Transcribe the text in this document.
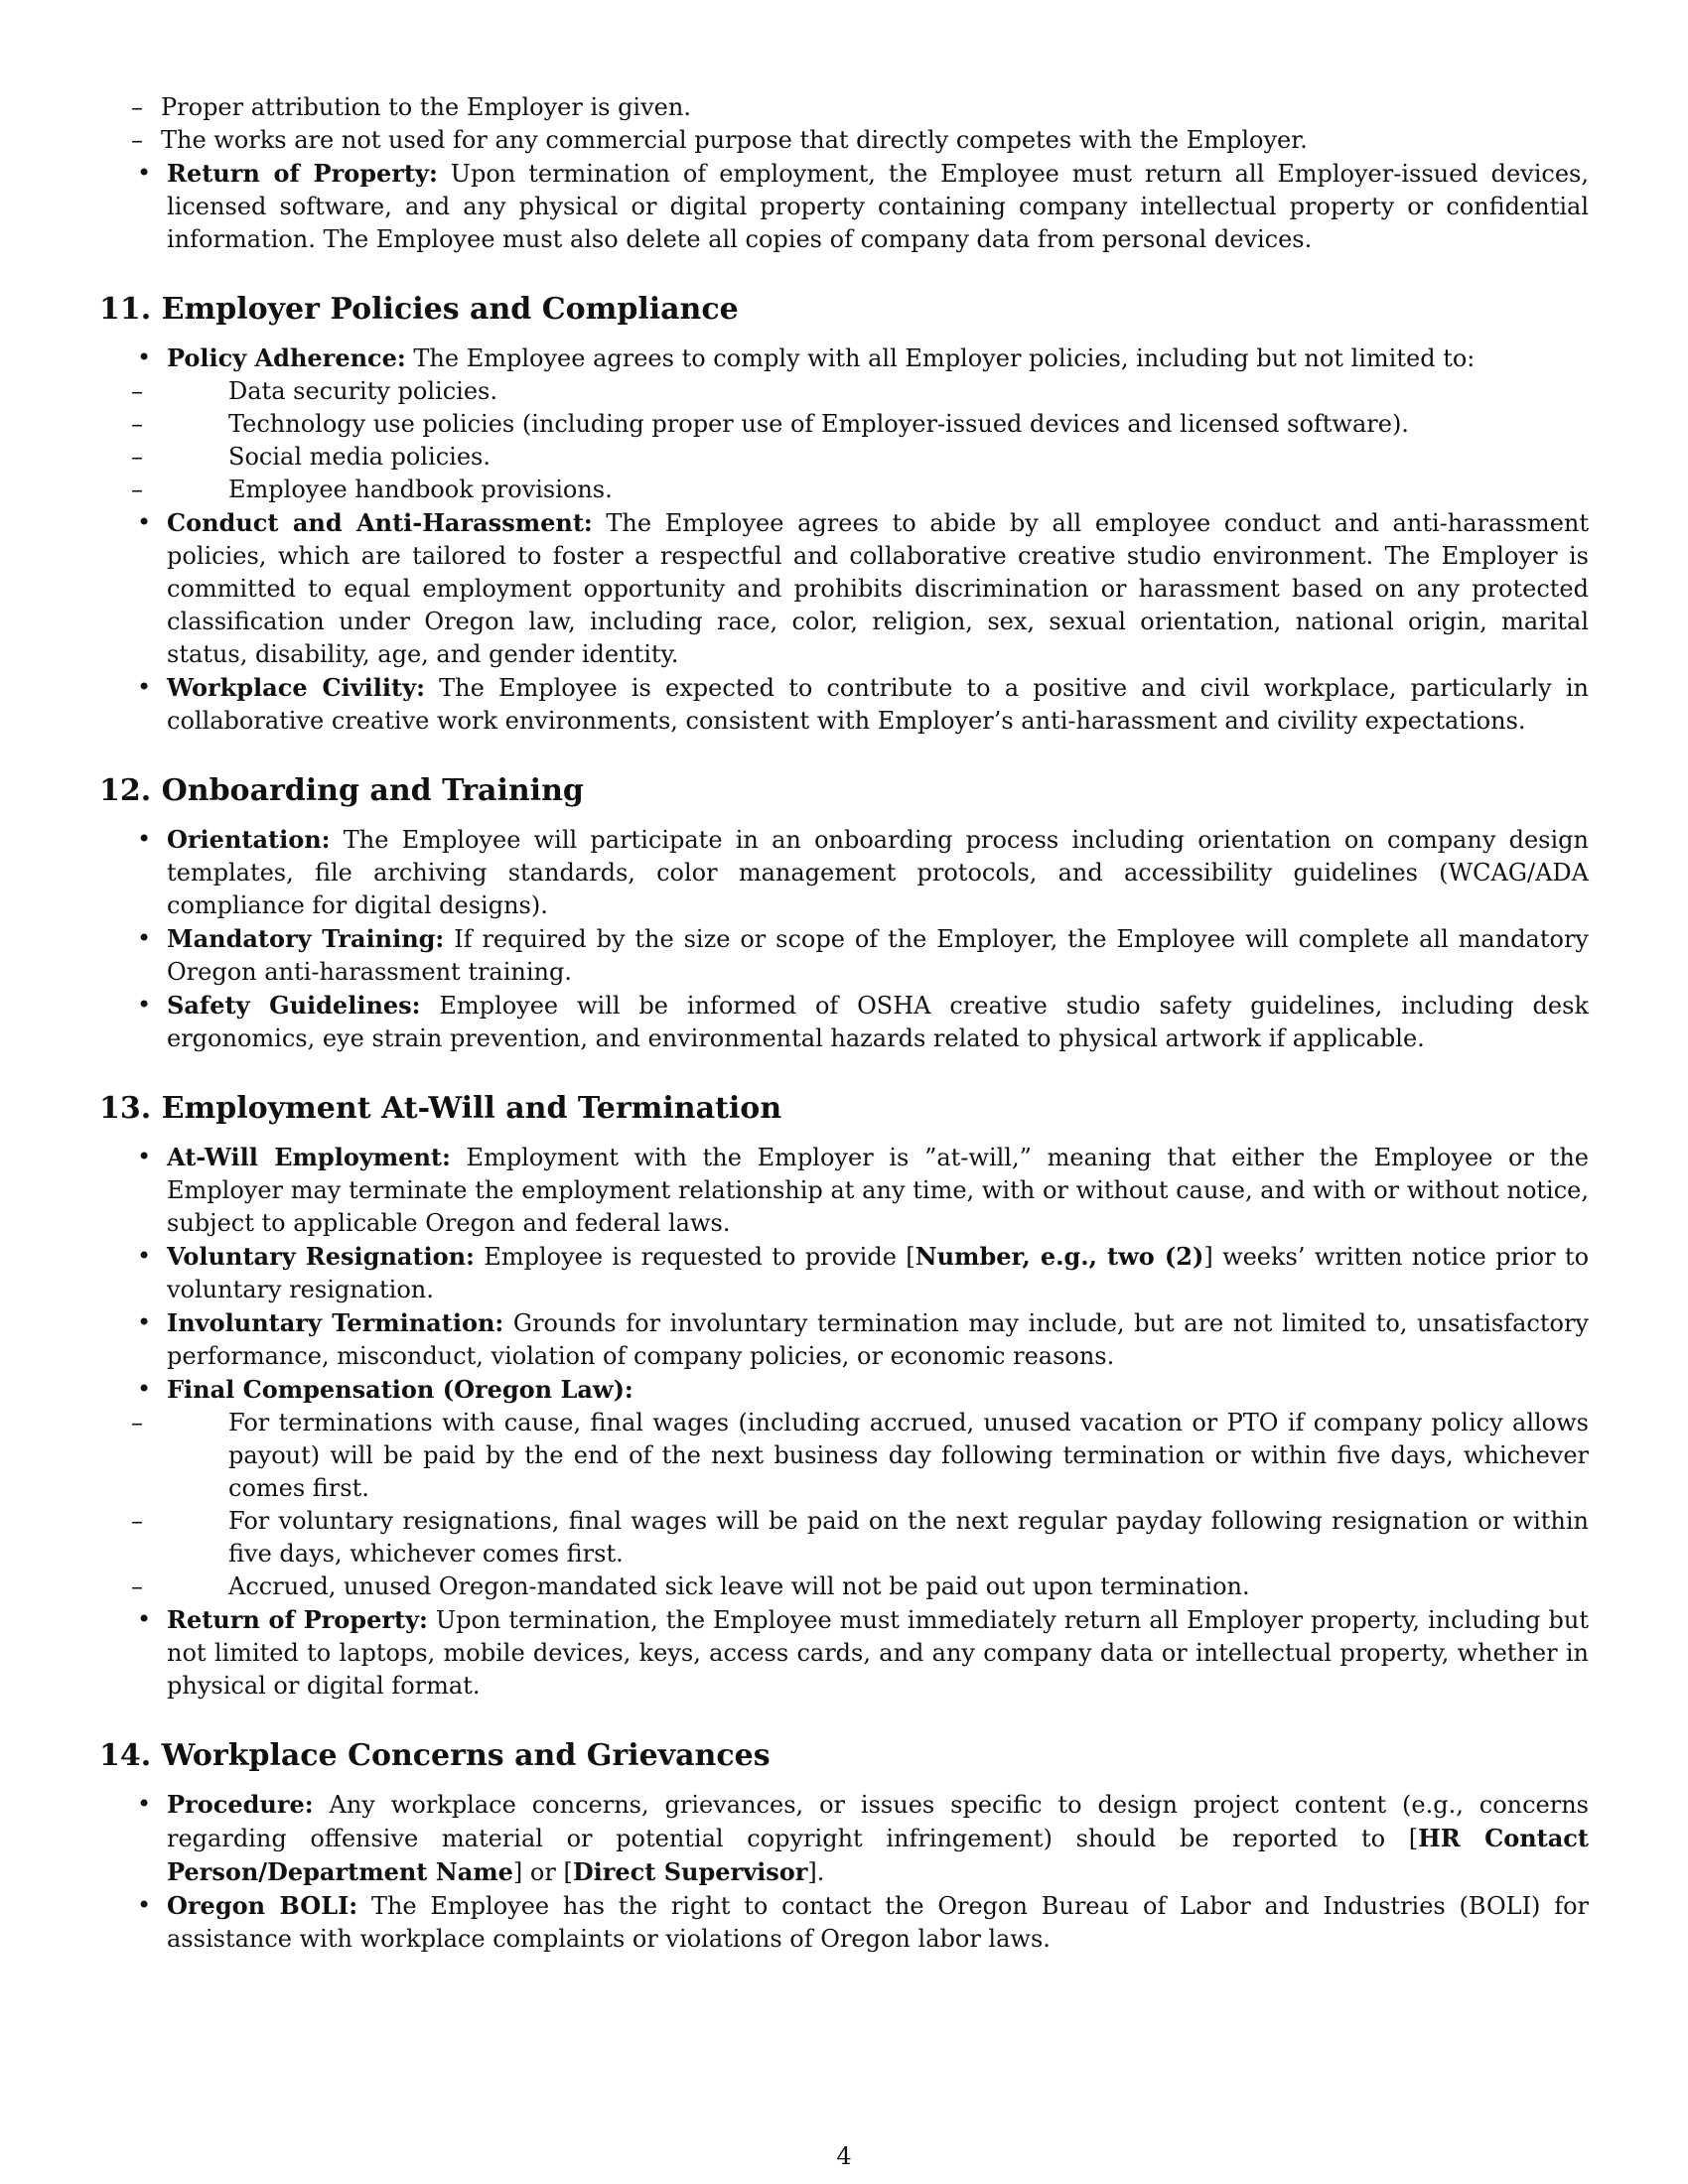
– Proper attribution to the Employer is given.
– The works are not used for any commercial purpose that directly competes with the Employer.
• Return of Property: Upon termination of employment, the Employee must return all Employer-issued devices, licensed software, and any physical or digital property containing company intellectual property or confidential information. The Employee must also delete all copies of company data from personal devices.
11. Employer Policies and Compliance
• Policy Adherence: The Employee agrees to comply with all Employer policies, including but not limited to:
– Data security policies.
– Technology use policies (including proper use of Employer-issued devices and licensed software).
– Social media policies.
– Employee handbook provisions.
• Conduct and Anti-Harassment: The Employee agrees to abide by all employee conduct and anti-harassment policies, which are tailored to foster a respectful and collaborative creative studio environment. The Employer is committed to equal employment opportunity and prohibits discrimination or harassment based on any protected classification under Oregon law, including race, color, religion, sex, sexual orientation, national origin, marital status, disability, age, and gender identity.
• Workplace Civility: The Employee is expected to contribute to a positive and civil workplace, particularly in collaborative creative work environments, consistent with Employer’s anti-harassment and civility expectations.
12. Onboarding and Training
• Orientation: The Employee will participate in an onboarding process including orientation on company design templates, file archiving standards, color management protocols, and accessibility guidelines (WCAG/ADA compliance for digital designs).
• Mandatory Training: If required by the size or scope of the Employer, the Employee will complete all mandatory Oregon anti-harassment training.
• Safety Guidelines: Employee will be informed of OSHA creative studio safety guidelines, including desk ergonomics, eye strain prevention, and environmental hazards related to physical artwork if applicable.
13. Employment At-Will and Termination
• At-Will Employment: Employment with the Employer is ”at-will,” meaning that either the Employee or the Employer may terminate the employment relationship at any time, with or without cause, and with or without notice, subject to applicable Oregon and federal laws.
• Voluntary Resignation: Employee is requested to provide [Number, e.g., two (2)] weeks’ written notice prior to voluntary resignation.
• Involuntary Termination: Grounds for involuntary termination may include, but are not limited to, unsatisfactory performance, misconduct, violation of company policies, or economic reasons.
• Final Compensation (Oregon Law):
– For terminations with cause, final wages (including accrued, unused vacation or PTO if company policy allows payout) will be paid by the end of the next business day following termination or within five days, whichever comes first.
– For voluntary resignations, final wages will be paid on the next regular payday following resignation or within five days, whichever comes first.
– Accrued, unused Oregon-mandated sick leave will not be paid out upon termination.
• Return of Property: Upon termination, the Employee must immediately return all Employer property, including but not limited to laptops, mobile devices, keys, access cards, and any company data or intellectual property, whether in physical or digital format.
14. Workplace Concerns and Grievances
• Procedure: Any workplace concerns, grievances, or issues specific to design project content (e.g., concerns regarding offensive material or potential copyright infringement) should be reported to [HR Contact Person/Department Name] or [Direct Supervisor].
• Oregon BOLI: The Employee has the right to contact the Oregon Bureau of Labor and Industries (BOLI) for assistance with workplace complaints or violations of Oregon labor laws.
4
